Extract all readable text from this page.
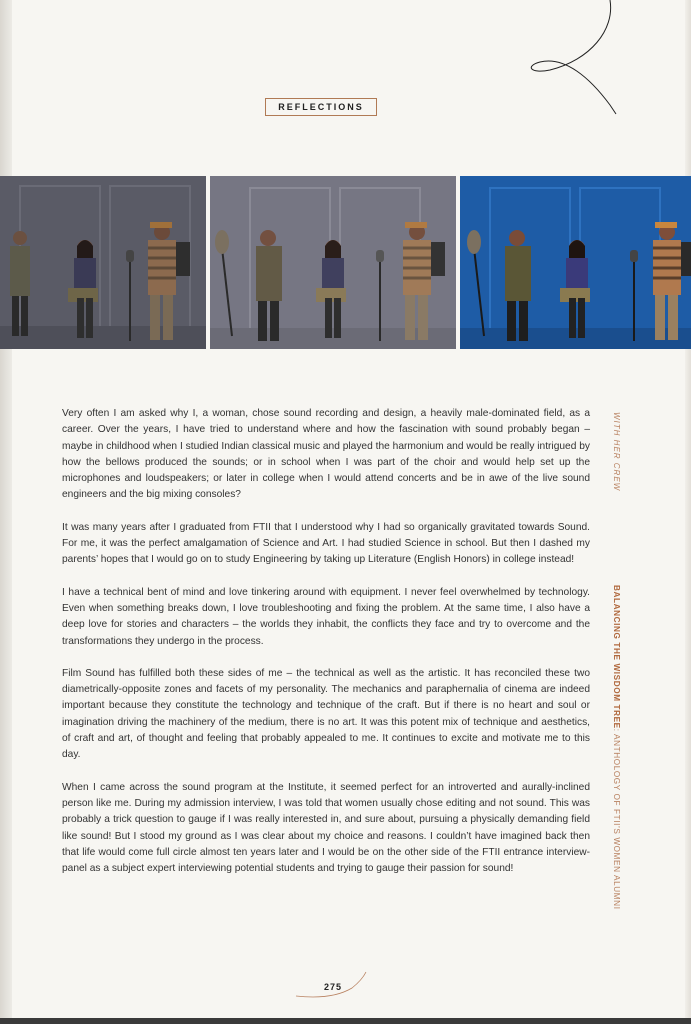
REFLECTIONS

Very often I am asked why I, a woman, chose sound recording and design, a heavily male-dominated field, as a career. Over the years, I have tried to understand where and how the fascination with sound probably began – maybe in childhood when I studied Indian classical music and played the harmonium and would be really intrigued by how the bellows produced the sounds; or in school when I was part of the choir and would help set up the microphones and loudspeakers; or later in college when I would attend concerts and be in awe of the live sound engineers and the big mixing consoles?

It was many years after I graduated from FTII that I understood why I had so organically gravitated towards Sound. For me, it was the perfect amalgamation of Science and Art. I had studied Science in school. But then I dashed my parents’ hopes that I would go on to study Engineering by taking up Literature (English Honors) in college instead!

I have a technical bent of mind and love tinkering around with equipment. I never feel overwhelmed by technology. Even when something breaks down, I love troubleshooting and fixing the problem. At the same time, I also have a deep love for stories and characters – the worlds they inhabit, the conflicts they face and try to overcome and the transformations they undergo in the process.

Film Sound has fulfilled both these sides of me – the technical as well as the artistic. It has reconciled these two diametrically-opposite zones and facets of my personality. The mechanics and paraphernalia of cinema are indeed important because they constitute the technology and technique of the craft. But if there is no heart and soul or imagination driving the machinery of the medium, there is no art. It was this potent mix of technique and aesthetics, of craft and art, of thought and feeling that probably appealed to me. It continues to excite and motivate me to this day.

When I came across the sound program at the Institute, it seemed perfect for an introverted and aurally-inclined person like me. During my admission interview, I was told that women usually chose editing and not sound. This was probably a trick question to gauge if I was really interested in, and sure about, pursuing a physically demanding field like sound! But I stood my ground as I was clear about my choice and reasons. I couldn’t have imagined back then that life would come full circle almost ten years later and I would be on the other side of the FTII entrance interview-panel as a subject expert interviewing potential students and trying to gauge their passion for sound!

WITH HER CREW
BALANCING THE WISDOM TREE: ANTHOLOGY OF FTII’S WOMEN ALUMNI
275
